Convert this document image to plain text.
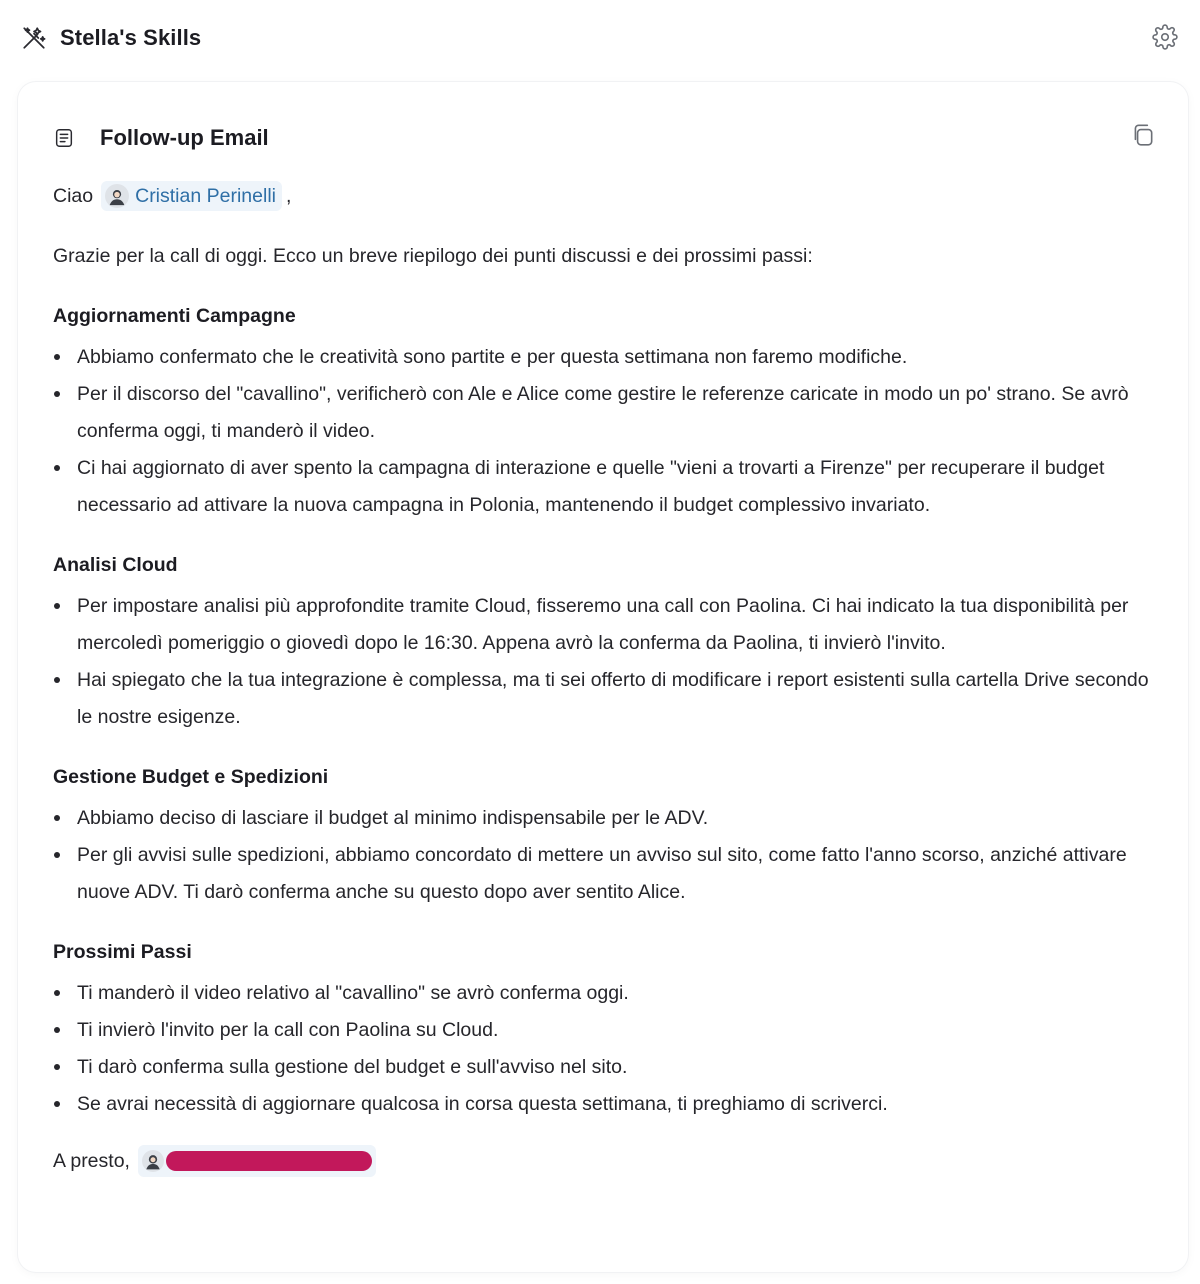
Stella's Skills
Follow-up Email
Ciao Cristian Perinelli ,

Grazie per la call di oggi. Ecco un breve riepilogo dei punti discussi e dei prossimi passi:

Aggiornamenti Campagne
Abbiamo confermato che le creatività sono partite e per questa settimana non faremo modifiche.
Per il discorso del "cavallino", verificherò con Ale e Alice come gestire le referenze caricate in modo un po' strano. Se avrò conferma oggi, ti manderò il video.
Ci hai aggiornato di aver spento la campagna di interazione e quelle "vieni a trovarti a Firenze" per recuperare il budget necessario ad attivare la nuova campagna in Polonia, mantenendo il budget complessivo invariato.
Analisi Cloud
Per impostare analisi più approfondite tramite Cloud, fisseremo una call con Paolina. Ci hai indicato la tua disponibilità per mercoledì pomeriggio o giovedì dopo le 16:30. Appena avrò la conferma da Paolina, ti invierò l'invito.
Hai spiegato che la tua integrazione è complessa, ma ti sei offerto di modificare i report esistenti sulla cartella Drive secondo le nostre esigenze.
Gestione Budget e Spedizioni
Abbiamo deciso di lasciare il budget al minimo indispensabile per le ADV.
Per gli avvisi sulle spedizioni, abbiamo concordato di mettere un avviso sul sito, come fatto l'anno scorso, anziché attivare nuove ADV. Ti darò conferma anche su questo dopo aver sentito Alice.
Prossimi Passi
Ti manderò il video relativo al "cavallino" se avrò conferma oggi.
Ti invierò l'invito per la call con Paolina su Cloud.
Ti darò conferma sulla gestione del budget e sull'avviso nel sito.
Se avrai necessità di aggiornare qualcosa in corsa questa settimana, ti preghiamo di scriverci.
A presto,
